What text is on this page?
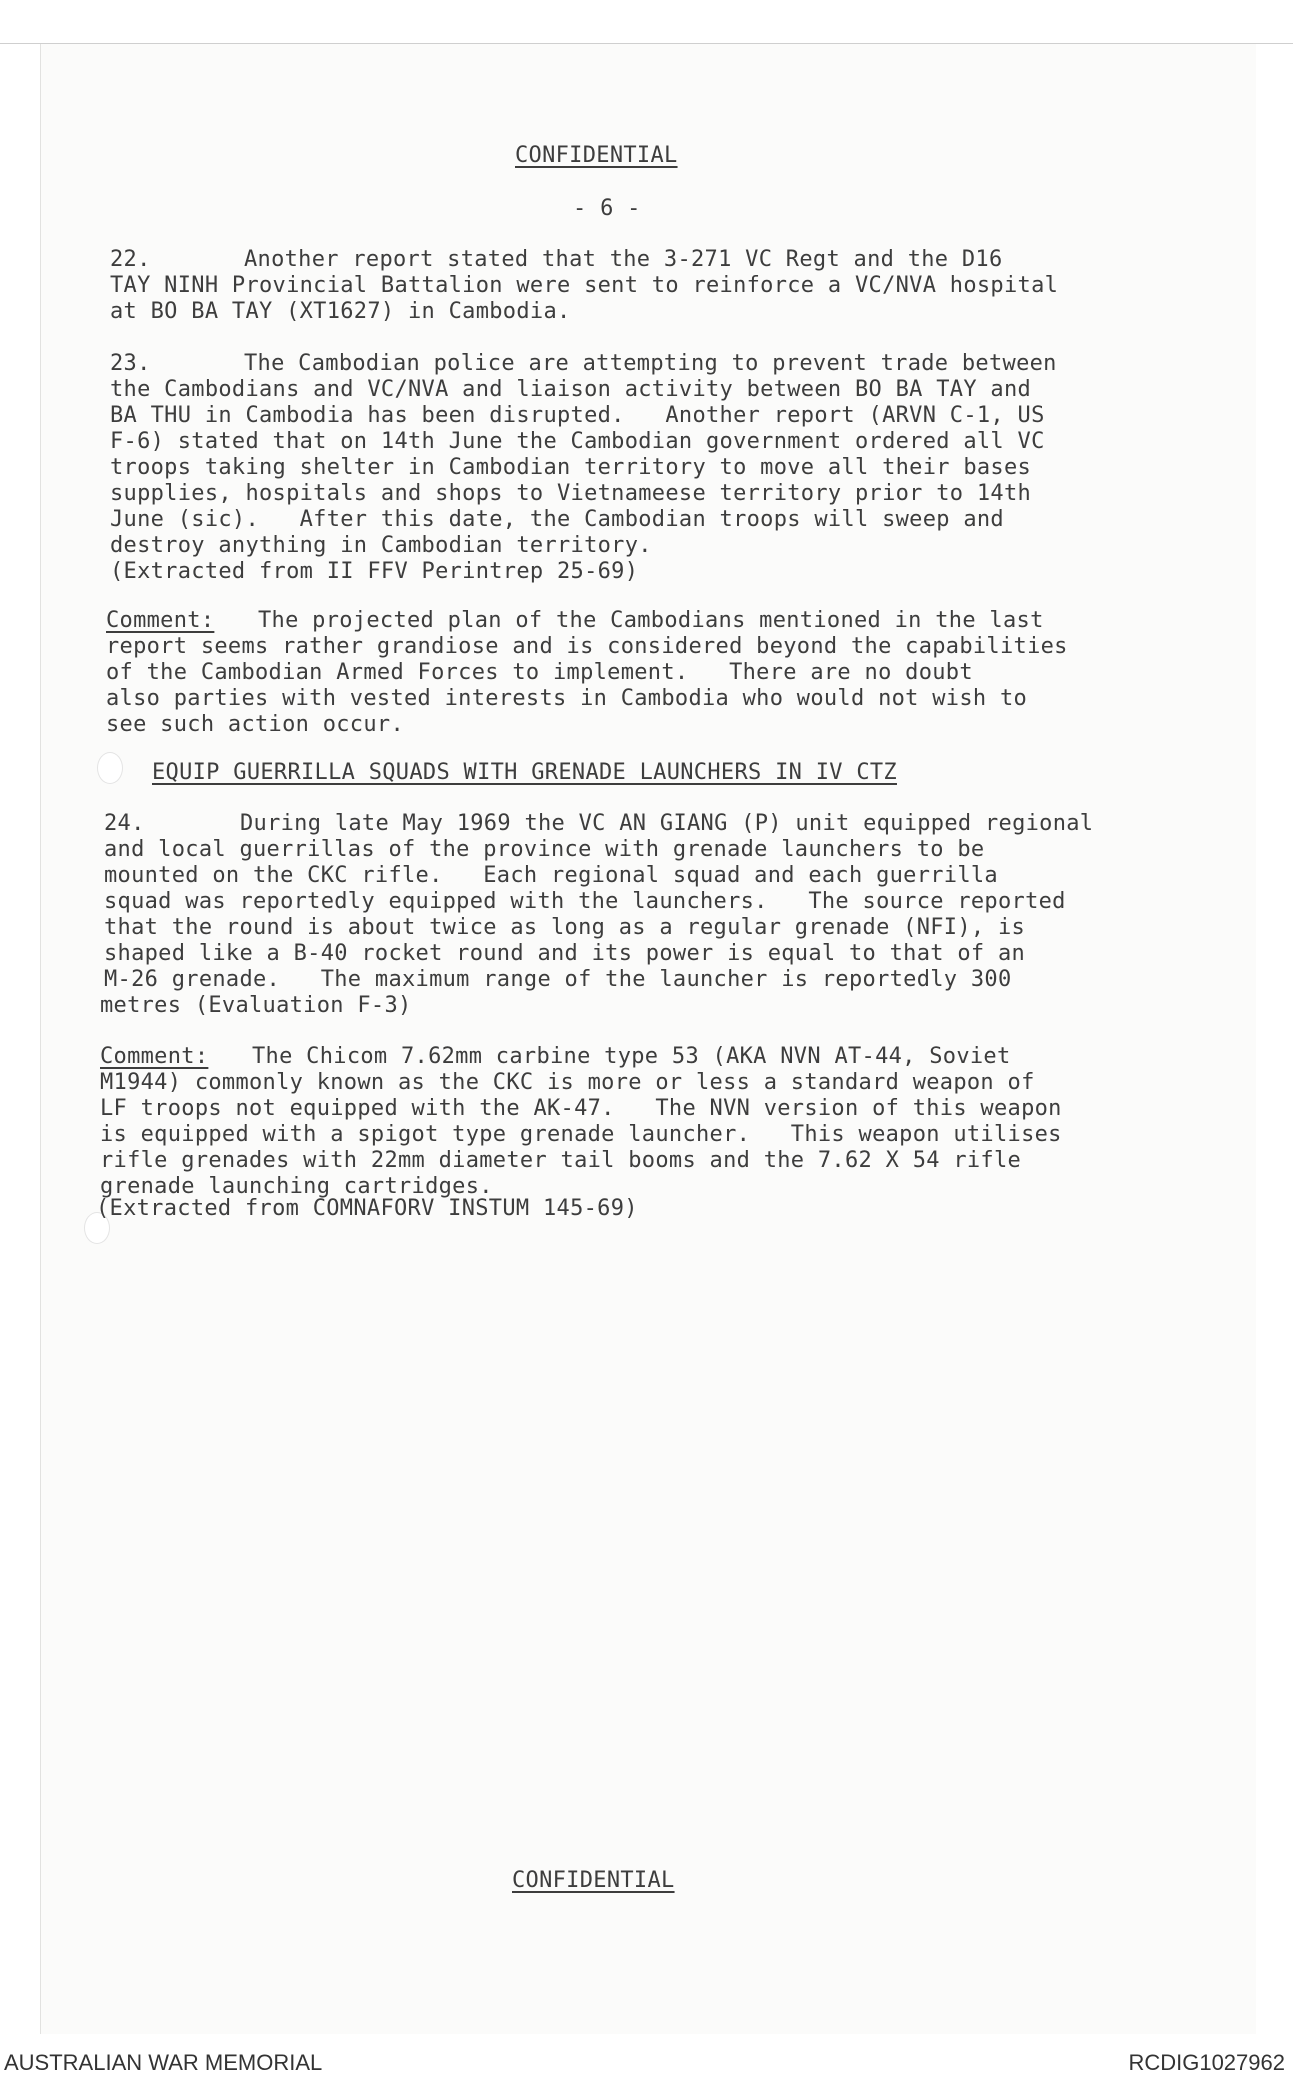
CONFIDENTIAL
- 6 -
22.	Another report stated that the 3-271 VC Regt and the D16
TAY NINH Provincial Battalion were sent to reinforce a VC/NVA hospital
at BO BA TAY (XT1627) in Cambodia.
23.	The Cambodian police are attempting to prevent trade between
the Cambodians and VC/NVA and liaison activity between BO BA TAY and
BA THU in Cambodia has been disrupted.   Another report (ARVN C-1, US
F-6) stated that on 14th June the Cambodian government ordered all VC
troops taking shelter in Cambodian territory to move all their bases
supplies, hospitals and shops to Vietnameese territory prior to 14th
June (sic).   After this date, the Cambodian troops will sweep and
destroy anything in Cambodian territory.
(Extracted from II FFV Perintrep 25-69)
Comment: The projected plan of the Cambodians mentioned in the last
report seems rather grandiose and is considered beyond the capabilities
of the Cambodian Armed Forces to implement.   There are no doubt
also parties with vested interests in Cambodia who would not wish to
see such action occur.
EQUIP GUERRILLA SQUADS WITH GRENADE LAUNCHERS IN IV CTZ
24.	During late May 1969 the VC AN GIANG (P) unit equipped regional
and local guerrillas of the province with grenade launchers to be
mounted on the CKC rifle.   Each regional squad and each guerrilla
squad was reportedly equipped with the launchers.   The source reported
that the round is about twice as long as a regular grenade (NFI), is
shaped like a B-40 rocket round and its power is equal to that of an
M-26 grenade.   The maximum range of the launcher is reportedly 300
metres (Evaluation F-3)
Comment: The Chicom 7.62mm carbine type 53 (AKA NVN AT-44, Soviet
M1944) commonly known as the CKC is more or less a standard weapon of
LF troops not equipped with the AK-47.   The NVN version of this weapon
is equipped with a spigot type grenade launcher.   This weapon utilises
rifle grenades with 22mm diameter tail booms and the 7.62 X 54 rifle
grenade launching cartridges.
(Extracted from COMNAFORV INSTUM 145-69)
CONFIDENTIAL
AUSTRALIAN WAR MEMORIAL	RCDIG1027962
